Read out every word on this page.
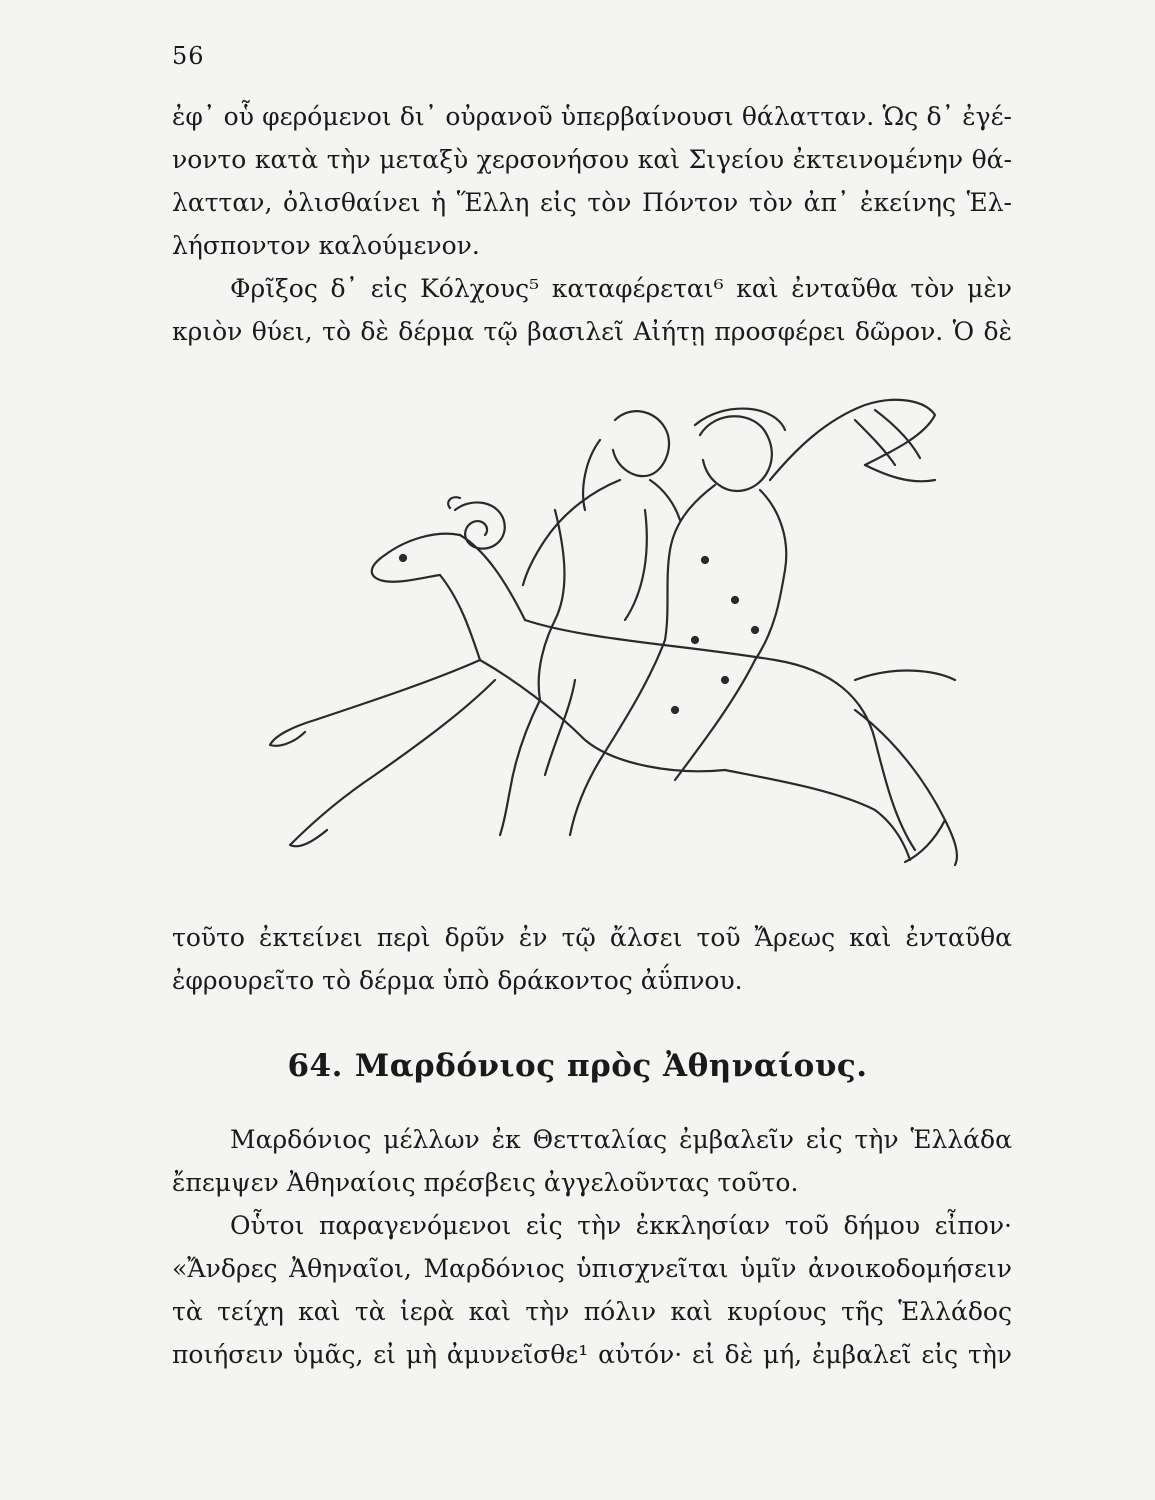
56
ἐφ᾽ οὗ φερόμενοι δι᾽ οὐρανοῦ ὑπερβαίνουσι θάλατταν. Ὡς δ᾽ ἐγέ-
νοντο κατὰ τὴν μεταξὺ χερσονήσου καὶ Σιγείου ἐκτεινομένην θά-
λατταν, ὀλισθαίνει ἡ Ἕλλη εἰς τὸν Πόντον τὸν ἀπ᾽ ἐκείνης Ἑλ-
λήσποντον καλούμενον.
Φρῖξος δ᾽ εἰς Κόλχους⁵ καταφέρεται⁶ καὶ ἐνταῦθα τὸν μὲν
κριὸν θύει, τὸ δὲ δέρμα τῷ βασιλεῖ Αἰήτῃ προσφέρει δῶρον. Ὁ δὲ
τοῦτο ἐκτείνει περὶ δρῦν ἐν τῷ ἄλσει τοῦ Ἄρεως καὶ ἐνταῦθα
ἐφρουρεῖτο τὸ δέρμα ὑπὸ δράκοντος ἀΰπνου.
64. Μαρδόνιος πρὸς Ἀθηναίους.
Μαρδόνιος μέλλων ἐκ Θετταλίας ἐμβαλεῖν εἰς τὴν Ἑλλάδα
ἔπεμψεν Ἀθηναίοις πρέσβεις ἀγγελοῦντας τοῦτο.
Οὗτοι παραγενόμενοι εἰς τὴν ἐκκλησίαν τοῦ δήμου εἶπον·
«Ἄνδρες Ἀθηναῖοι, Μαρδόνιος ὑπισχνεῖται ὑμῖν ἀνοικοδομήσειν
τὰ τείχη καὶ τὰ ἱερὰ καὶ τὴν πόλιν καὶ κυρίους τῆς Ἑλλάδος
ποιήσειν ὑμᾶς, εἰ μὴ ἀμυνεῖσθε¹ αὐτόν· εἰ δὲ μή, ἐμβαλεῖ εἰς τὴν
